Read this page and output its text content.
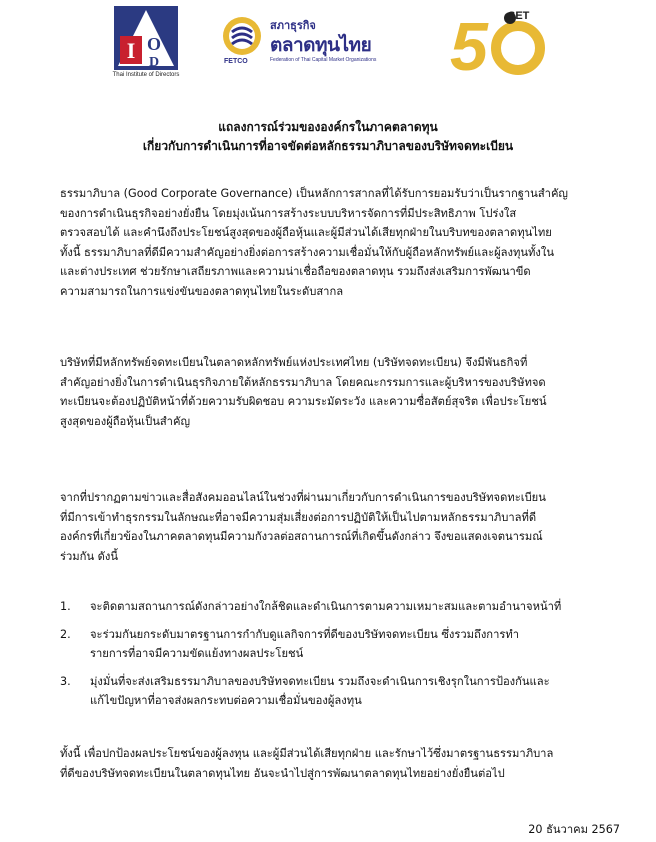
I O
D
Thai Institute of Directors
FETCO
สภาธุรกิจ
ตลาดทุนไทย
Federation of Thai Capital Market Organizations 5 SET
th
แถลงการณ์ร่วมขององค์กรในภาคตลาดทุน
เกี่ยวกับการดำเนินการที่อาจขัดต่อหลักธรรมาภิบาลของบริษัทจดทะเบียน
ธรรมาภิบาล (Good Corporate Governance) เป็นหลักการสากลที่ได้รับการยอมรับว่าเป็นรากฐานสำคัญ
ของการดำเนินธุรกิจอย่างยั่งยืน โดยมุ่งเน้นการสร้างระบบบริหารจัดการที่มีประสิทธิภาพ โปร่งใส
ตรวจสอบได้ และคำนึงถึงประโยชน์สูงสุดของผู้ถือหุ้นและผู้มีส่วนได้เสียทุกฝ่ายในบริบทของตลาดทุนไทย
ทั้งนี้ ธรรมาภิบาลที่ดีมีความสำคัญอย่างยิ่งต่อการสร้างความเชื่อมั่นให้กับผู้ถือหลักทรัพย์และผู้ลงทุนทั้งใน
และต่างประเทศ ช่วยรักษาเสถียรภาพและความน่าเชื่อถือของตลาดทุน รวมถึงส่งเสริมการพัฒนาขีด
ความสามารถในการแข่งขันของตลาดทุนไทยในระดับสากล
บริษัทที่มีหลักทรัพย์จดทะเบียนในตลาดหลักทรัพย์แห่งประเทศไทย (บริษัทจดทะเบียน) จึงมีพันธกิจที่
สำคัญอย่างยิ่งในการดำเนินธุรกิจภายใต้หลักธรรมาภิบาล โดยคณะกรรมการและผู้บริหารของบริษัทจด
ทะเบียนจะต้องปฏิบัติหน้าที่ด้วยความรับผิดชอบ ความระมัดระวัง และความซื่อสัตย์สุจริต เพื่อประโยชน์
สูงสุดของผู้ถือหุ้นเป็นสำคัญ
จากที่ปรากฏตามข่าวและสื่อสังคมออนไลน์ในช่วงที่ผ่านมาเกี่ยวกับการดำเนินการของบริษัทจดทะเบียน
ที่มีการเข้าทำธุรกรรมในลักษณะที่อาจมีความสุ่มเสี่ยงต่อการปฏิบัติให้เป็นไปตามหลักธรรมาภิบาลที่ดี
องค์กรที่เกี่ยวข้องในภาคตลาดทุนมีความกังวลต่อสถานการณ์ที่เกิดขึ้นดังกล่าว จึงขอแสดงเจตนารมณ์
ร่วมกัน ดังนี้
1. จะติดตามสถานการณ์ดังกล่าวอย่างใกล้ชิดและดำเนินการตามความเหมาะสมและตามอำนาจหน้าที่
2. จะร่วมกันยกระดับมาตรฐานการกำกับดูแลกิจการที่ดีของบริษัทจดทะเบียน ซึ่งรวมถึงการทำ
รายการที่อาจมีความขัดแย้งทางผลประโยชน์
3. มุ่งมั่นที่จะส่งเสริมธรรมาภิบาลของบริษัทจดทะเบียน รวมถึงจะดำเนินการเชิงรุกในการป้องกันและ
แก้ไขปัญหาที่อาจส่งผลกระทบต่อความเชื่อมั่นของผู้ลงทุน
ทั้งนี้ เพื่อปกป้องผลประโยชน์ของผู้ลงทุน และผู้มีส่วนได้เสียทุกฝ่าย และรักษาไว้ซึ่งมาตรฐานธรรมาภิบาล
ที่ดีของบริษัทจดทะเบียนในตลาดทุนไทย อันจะนำไปสู่การพัฒนาตลาดทุนไทยอย่างยั่งยืนต่อไป
20 ธันวาคม 2567
